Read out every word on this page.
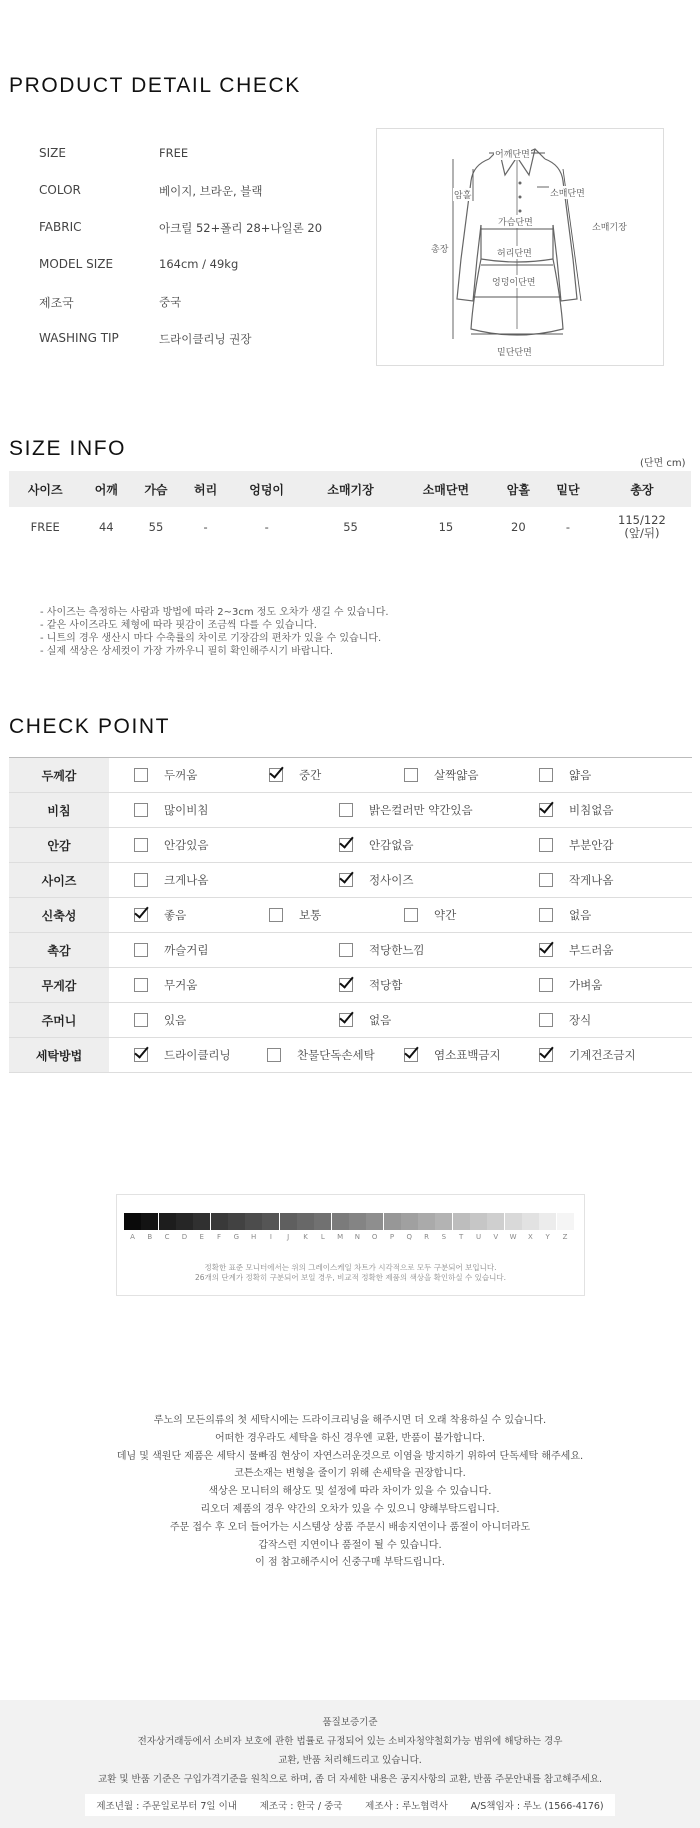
PRODUCT DETAIL CHECK
SIZE	FREE
COLOR	베이지, 브라운, 블랙
FABRIC	아크릴 52+폴리 28+나일론 20
MODEL SIZE	164cm / 49kg
제조국	중국
WASHING TIP	드라이클리닝 권장
어깨단면
암홀	소매단면
가슴단면	소매기장
총장	허리단면
엉덩이단면
밑단단면
SIZE INFO
(단면 cm)
사이즈	어깨	가슴	허리	엉덩이	소매기장	소매단면	암홀	밑단	총장
FREE	44	55	-	-	55	15	20	-	115/122
(앞/뒤)
- 사이즈는 측정하는 사람과 방법에 따라 2~3cm 정도 오차가 생길 수 있습니다.
- 같은 사이즈라도 체형에 따라 핏감이 조금씩 다를 수 있습니다.
- 니트의 경우 생산시 마다 수축률의 차이로 기장감의 편차가 있을 수 있습니다.
- 실제 색상은 상세컷이 가장 가까우니 필히 확인해주시기 바랍니다.
CHECK POINT
두께감	두꺼움	중간	살짝얇음	얇음
비침	많이비침	밝은컬러만 약간있음	비침없음
안감	안감있음	안감없음	부분안감
사이즈	크게나옴	정사이즈	작게나옴
신축성	좋음	보통	약간	없음
촉감	까슬거림	적당한느낌	부드러움
무게감	무거움	적당함	가벼움
주머니	있음	없음	장식
세탁방법	드라이클리닝	찬물단독손세탁	염소표백금지	기계건조금지
정확한 표준 모니터에서는 위의 그레이스케일 차트가 시각적으로 모두 구분되어 보입니다.
26개의 단계가 정확히 구분되어 보일 경우, 비교적 정확한 제품의 색상을 확인하실 수 있습니다.
A	B	C	D	E	F	G	H	I	J	K	L	M	N	O	P	Q	R	S	T	U	V	W	X	Y	Z
루노의 모든의류의 첫 세탁시에는 드라이크리닝을 해주시면 더 오래 착용하실 수 있습니다.
어떠한 경우라도 세탁을 하신 경우엔 교환, 반품이 불가합니다.
데님 및 색원단 제품은 세탁시 물빠짐 현상이 자연스러운것으로 이염을 방지하기 위하여 단독세탁 해주세요.
코튼소재는 변형을 줄이기 위해 손세탁을 권장합니다.
색상은 모니터의 해상도 및 설정에 따라 차이가 있을 수 있습니다.
리오더 제품의 경우 약간의 오차가 있을 수 있으니 양해부탁드립니다.
주문 접수 후 오더 들어가는 시스템상 상품 주문시 배송지연이나 품절이 아니더라도
갑작스런 지연이나 품절이 될 수 있습니다.
이 점 참고해주시어 신중구매 부탁드립니다.
품질보증기준
전자상거래등에서 소비자 보호에 관한 법률로 규정되어 있는 소비자청약철회가능 범위에 해당하는 경우
교환, 반품 처리해드리고 있습니다.
교환 및 반품 기준은 구입가격기준을 원칙으로 하며, 좀 더 자세한 내용은 공지사항의 교환, 반품 주문안내를 참고해주세요.
제조년월 : 주문일로부터 7일 이내 제조국 : 한국 / 중국 제조사 : 루노협력사 A/S책임자 : 루노 (1566-4176)
